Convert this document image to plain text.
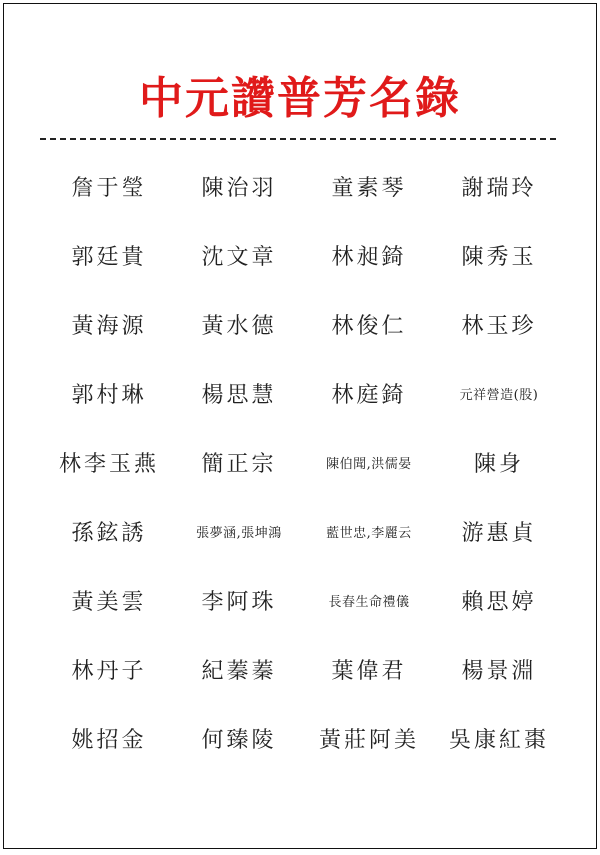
中元讚普芳名錄
詹于瑩	陳治羽	童素琴	謝瑞玲
郭廷貴	沈文章	林昶錡	陳秀玉
黃海源	黃水德	林俊仁	林玉珍
郭村琳	楊思慧	林庭錡	元祥營造(股)
林李玉燕	簡正宗	陳伯聞,洪儒晏	陳身
孫鉉誘	張夢涵,張坤鴻	藍世忠,李麗云	游惠貞
黃美雲	李阿珠	長春生命禮儀	賴思婷
林丹子	紀蓁蓁	葉偉君	楊景淵
姚招金	何臻陵	黃莊阿美	吳康紅棗
